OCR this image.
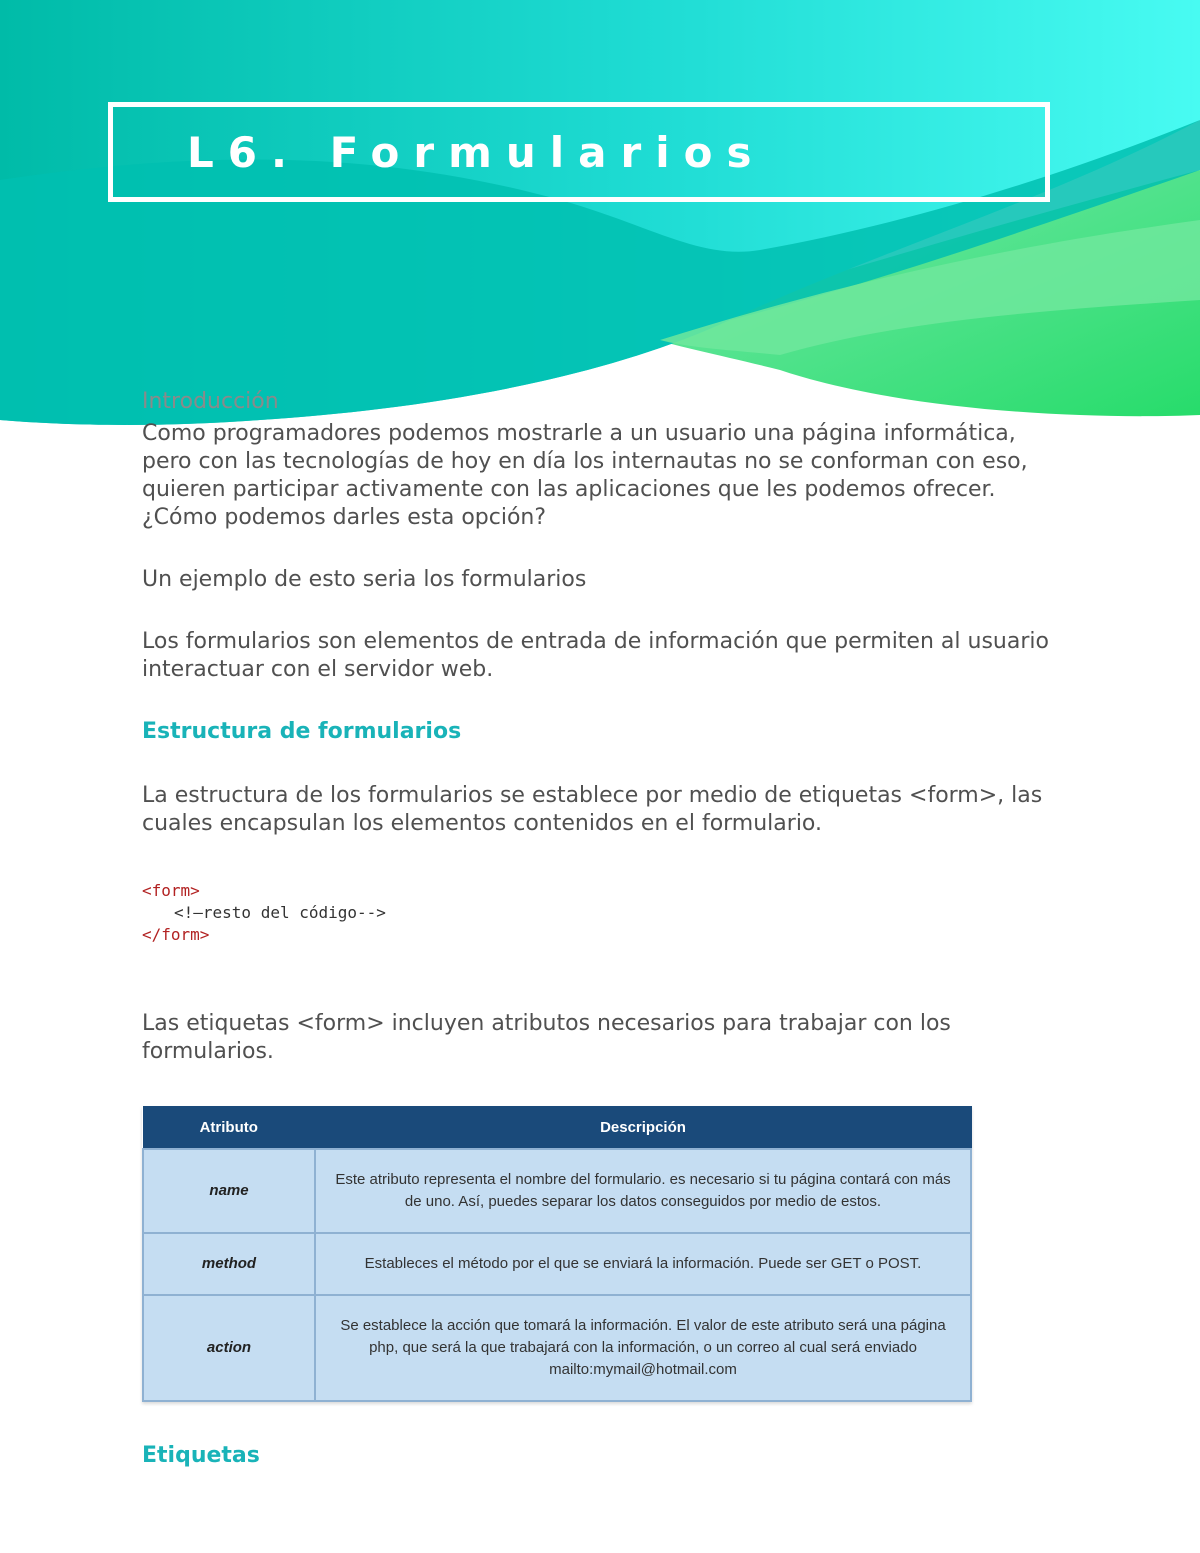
L6. Formularios

Introducción

Como programadores podemos mostrarle a un usuario una página informática, pero con las tecnologías de hoy en día los internautas no se conforman con eso, quieren participar activamente con las aplicaciones que les podemos ofrecer. ¿Cómo podemos darles esta opción?

Un ejemplo de esto seria los formularios

Los formularios son elementos de entrada de información que permiten al usuario interactuar con el servidor web.

Estructura de formularios

La estructura de los formularios se establece por medio de etiquetas <form>, las cuales encapsulan los elementos contenidos en el formulario.

<form>

<!—resto del código-->

</form>

Las etiquetas <form> incluyen atributos necesarios para trabajar con los formularios.

Atributo	Descripción
name	Este atributo representa el nombre del formulario. es necesario si tu página contará con más de uno. Así, puedes separar los datos conseguidos por medio de estos.
method	Estableces el método por el que se enviará la información. Puede ser GET o POST.
action	Se establece la acción que tomará la información. El valor de este atributo será una página php, que será la que trabajará con la información, o un correo al cual será enviado mailto:mymail@hotmail.com

Etiquetas
